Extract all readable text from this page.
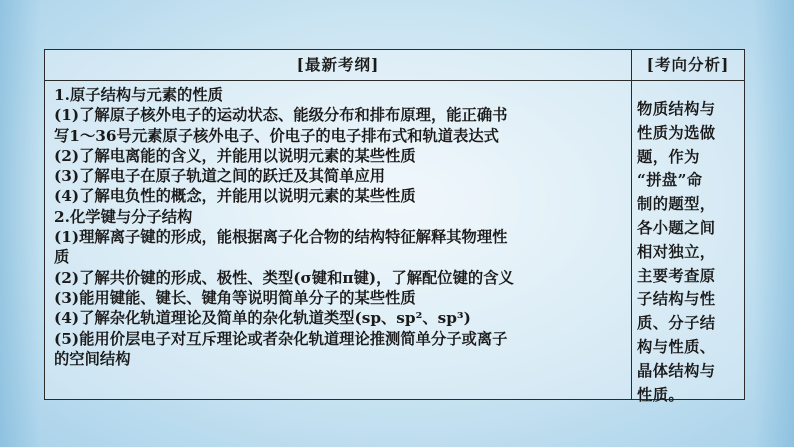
[最新考纲]	[考向分析]
1.原子结构与元素的性质
(1)了解原子核外电子的运动状态、能级分布和排布原理，能正确书
写1～36号元素原子核外电子、价电子的电子排布式和轨道表达式
(2)了解电离能的含义，并能用以说明元素的某些性质
(3)了解电子在原子轨道之间的跃迁及其简单应用
(4)了解电负性的概念，并能用以说明元素的某些性质
2.化学键与分子结构
(1)理解离子键的形成，能根据离子化合物的结构特征解释其物理性
质
(2)了解共价键的形成、极性、类型(σ键和π键)，了解配位键的含义
(3)能用键能、键长、键角等说明简单分子的某些性质
(4)了解杂化轨道理论及简单的杂化轨道类型(sp、sp²、sp³)
(5)能用价层电子对互斥理论或者杂化轨道理论推测简单分子或离子
的空间结构
物质结构与
性质为选做
题，作为
“拼盘”命
制的题型，
各小题之间
相对独立，
主要考查原
子结构与性
质、分子结
构与性质、
晶体结构与
性质。
